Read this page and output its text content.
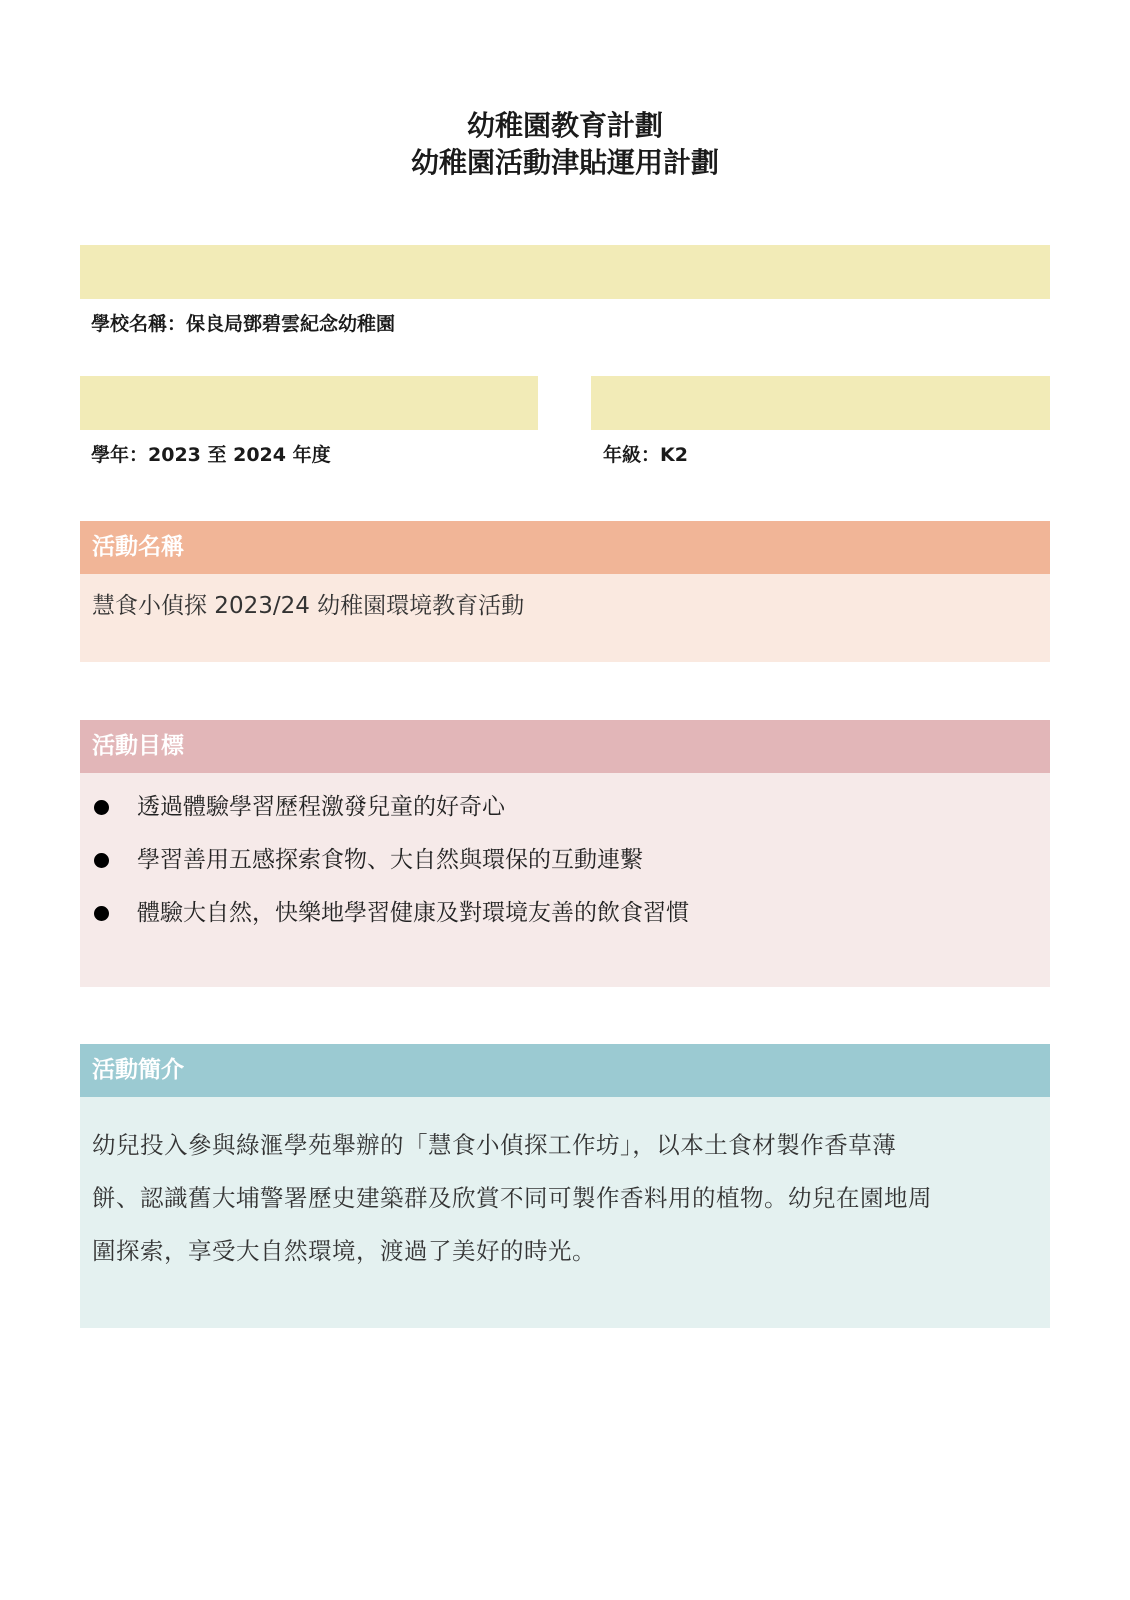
幼稚園教育計劃
幼稚園活動津貼運用計劃
學校名稱：保良局鄧碧雲紀念幼稚園
學年：2023 至 2024 年度	年級：K2
活動名稱
慧食小偵探 2023/24 幼稚園環境教育活動
活動目標
透過體驗學習歷程激發兒童的好奇心
學習善用五感探索食物、大自然與環保的互動連繫
體驗大自然，快樂地學習健康及對環境友善的飲食習慣
活動簡介
幼兒投入參與綠滙學苑舉辦的「慧食小偵探工作坊」，以本土食材製作香草薄
餅、認識舊大埔警署歷史建築群及欣賞不同可製作香料用的植物。幼兒在園地周
圍探索，享受大自然環境，渡過了美好的時光。
